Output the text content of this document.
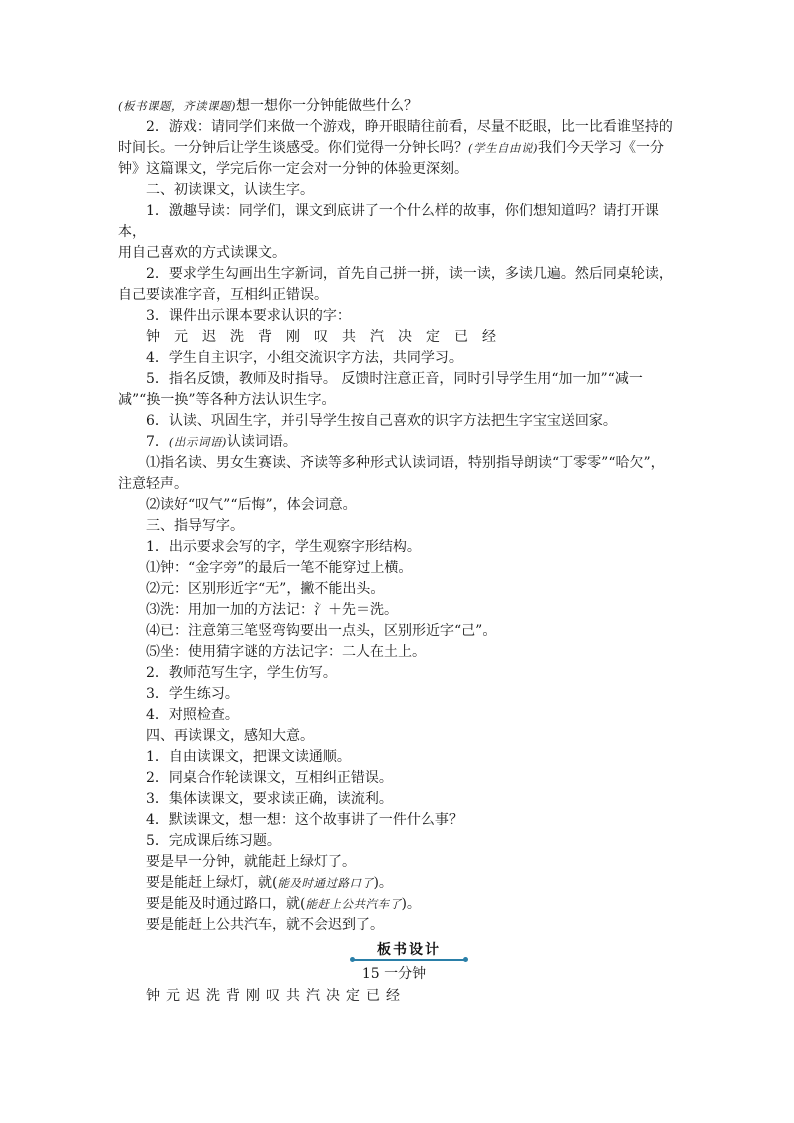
(板书课题，齐读课题)想一想你一分钟能做些什么？
2．游戏：请同学们来做一个游戏，睁开眼睛往前看，尽量不眨眼，比一比看谁坚持的
时间长。一分钟后让学生谈感受。你们觉得一分钟长吗？(学生自由说)我们今天学习《一分
钟》这篇课文，学完后你一定会对一分钟的体验更深刻。
二、初读课文，认读生字。
1．激趣导读：同学们，课文到底讲了一个什么样的故事，你们想知道吗？请打开课本，
用自己喜欢的方式读课文。
2．要求学生勾画出生字新词，首先自己拼一拼，读一读，多读几遍。然后同桌轮读，
自己要读准字音，互相纠正错误。
3．课件出示课本要求认识的字：
钟 元 迟 洗 背 刚 叹 共 汽 决 定 已 经
4．学生自主识字，小组交流识字方法，共同学习。
5．指名反馈，教师及时指导。 反馈时注意正音，同时引导学生用“加一加”“减一
减”“换一换”等各种方法认识生字。
6．认读、巩固生字，并引导学生按自己喜欢的识字方法把生字宝宝送回家。
7．(出示词语)认读词语。
⑴指名读、男女生赛读、齐读等多种形式认读词语，特别指导朗读“丁零零”“哈欠”，
注意轻声。
⑵读好“叹气”“后悔”，体会词意。
三、指导写字。
1．出示要求会写的字，学生观察字形结构。
⑴钟：“金字旁”的最后一笔不能穿过上横。
⑵元：区别形近字“无”，撇不能出头。
⑶洗：用加一加的方法记：氵＋先＝洗。
⑷已：注意第三笔竖弯钩要出一点头，区别形近字“己”。
⑸坐：使用猜字谜的方法记字：二人在土上。
2．教师范写生字，学生仿写。
3．学生练习。
4．对照检查。
四、再读课文，感知大意。
1．自由读课文，把课文读通顺。
2．同桌合作轮读课文，互相纠正错误。
3．集体读课文，要求读正确，读流利。
4．默读课文，想一想：这个故事讲了一件什么事？
5．完成课后练习题。
要是早一分钟，就能赶上绿灯了。
要是能赶上绿灯，就(能及时通过路口了)。
要是能及时通过路口，就(能赶上公共汽车了)。
要是能赶上公共汽车，就不会迟到了。
板书设计
15 一分钟
钟 元 迟 洗 背 刚 叹 共 汽 决 定 已 经
